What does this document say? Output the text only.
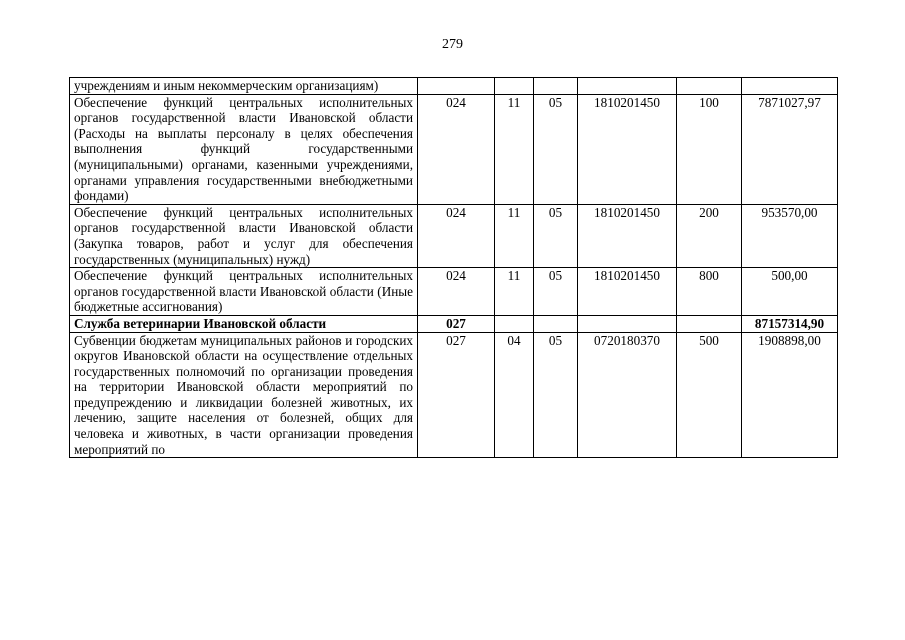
279
учреждениям и иным некоммерческим организациям)						
Обеспечение функций центральных исполнительных органов государственной власти Ивановской области (Расходы на выплаты персоналу в целях обеспечения выполнения функций государственными (муниципальными) органами, казенными учреждениями, органами управления государственными внебюджетными фондами)	024	11	05	1810201450	100	7871027,97
Обеспечение функций центральных исполнительных органов государственной власти Ивановской области (Закупка товаров, работ и услуг для обеспечения государственных (муниципальных) нужд)	024	11	05	1810201450	200	953570,00
Обеспечение функций центральных исполнительных органов государственной власти Ивановской области (Иные бюджетные ассигнования)	024	11	05	1810201450	800	500,00
Служба ветеринарии Ивановской области	027					87157314,90
Субвенции бюджетам муниципальных районов и городских округов Ивановской области на осуществление отдельных государственных полномочий по организации проведения на территории Ивановской области мероприятий по предупреждению и ликвидации болезней животных, их лечению, защите населения от болезней, общих для человека и животных, в части организации проведения мероприятий по	027	04	05	0720180370	500	1908898,00
